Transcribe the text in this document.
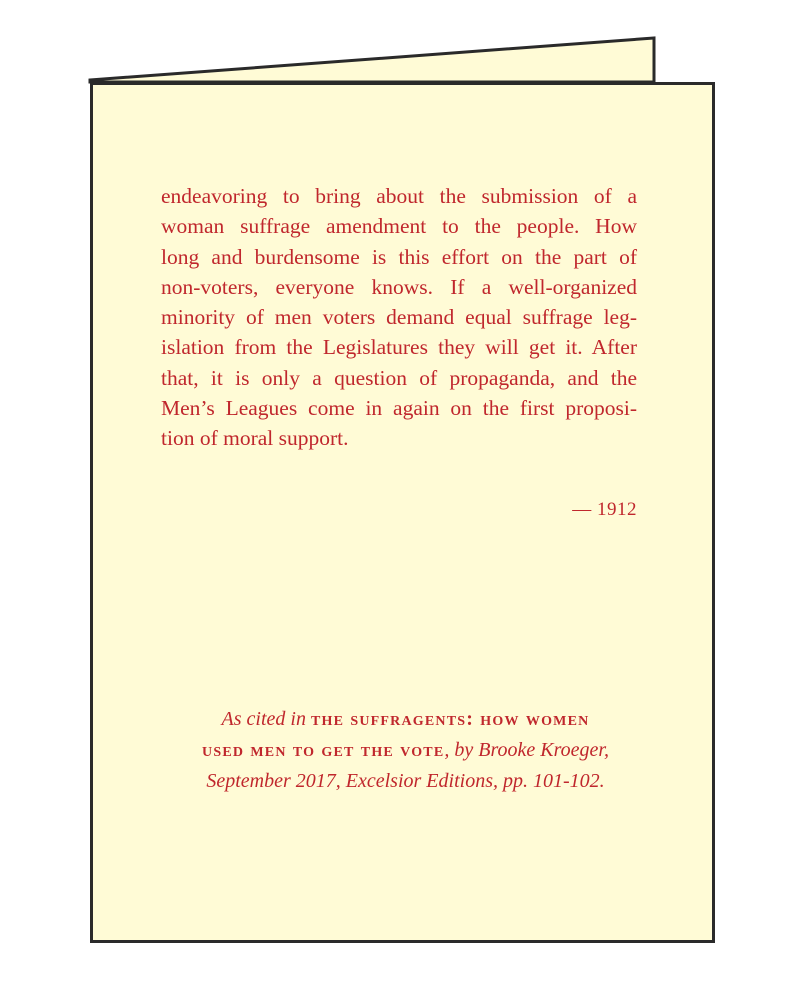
endeavoring to bring about the submission of a
woman suffrage amendment to the people. How
long and burdensome is this effort on the part of
non-voters, everyone knows. If a well-organized
minority of men voters demand equal suffrage leg-
islation from the Legislatures they will get it. After
that, it is only a question of propaganda, and the
Men’s Leagues come in again on the first proposi-
tion of moral support.

— 1912
As cited in the suffragents: how women
used men to get the vote, by Brooke Kroeger,
September 2017, Excelsior Editions, pp. 101-102.
